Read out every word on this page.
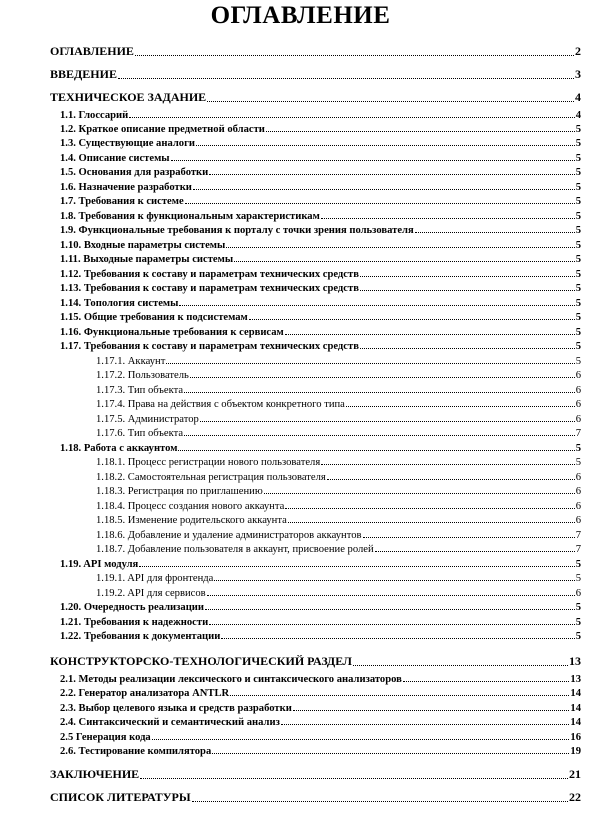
ОГЛАВЛЕНИЕ
ОГЛАВЛЕНИЕ	2
ВВЕДЕНИЕ	3
ТЕХНИЧЕСКОЕ ЗАДАНИЕ	4
1.1. Глоссарий	4
1.2. Краткое описание предметной области	5
1.3. Существующие аналоги	5
1.4. Описание системы	5
1.5. Основания для разработки	5
1.6. Назначение разработки	5
1.7. Требования к системе	5
1.8. Требования к функциональным характеристикам	5
1.9. Функциональные требования к порталу с точки зрения пользователя	5
1.10. Входные параметры системы	5
1.11. Выходные параметры системы	5
1.12. Требования к составу и параметрам технических средств	5
1.13. Требования к составу и параметрам технических средств	5
1.14. Топология системы	5
1.15. Общие требования к подсистемам	5
1.16. Функциональные требования к сервисам	5
1.17. Требования к составу и параметрам технических средств	5
1.17.1. Аккаунт	5
1.17.2. Пользователь	6
1.17.3. Тип объекта	6
1.17.4. Права на действия с объектом конкретного типа	6
1.17.5. Администратор	6
1.17.6. Тип объекта	7
1.18. Работа с аккаунтом	5
1.18.1. Процесс регистрации нового пользователя	5
1.18.2. Самостоятельная регистрация пользователя	6
1.18.3. Регистрация по приглашению	6
1.18.4. Процесс создания нового аккаунта	6
1.18.5. Изменение родительского аккаунта	6
1.18.6. Добавление и удаление администраторов аккаунтов	7
1.18.7. Добавление пользователя в аккаунт, присвоение ролей	7
1.19. API модуля	5
1.19.1. API для фронтенда	5
1.19.2. API для сервисов	6
1.20. Очередность реализации	5
1.21. Требования к надежности	5
1.22. Требования к документации	5
КОНСТРУКТОРСКО-ТЕХНОЛОГИЧЕСКИЙ РАЗДЕЛ	13
2.1. Методы реализации лексического и синтаксического анализаторов	13
2.2. Генератор анализатора ANTLR	14
2.3. Выбор целевого языка и средств разработки	14
2.4. Синтаксический и семантический анализ	14
2.5 Генерация кода	16
2.6. Тестирование компилятора	19
ЗАКЛЮЧЕНИЕ	21
СПИСОК ЛИТЕРАТУРЫ	22
